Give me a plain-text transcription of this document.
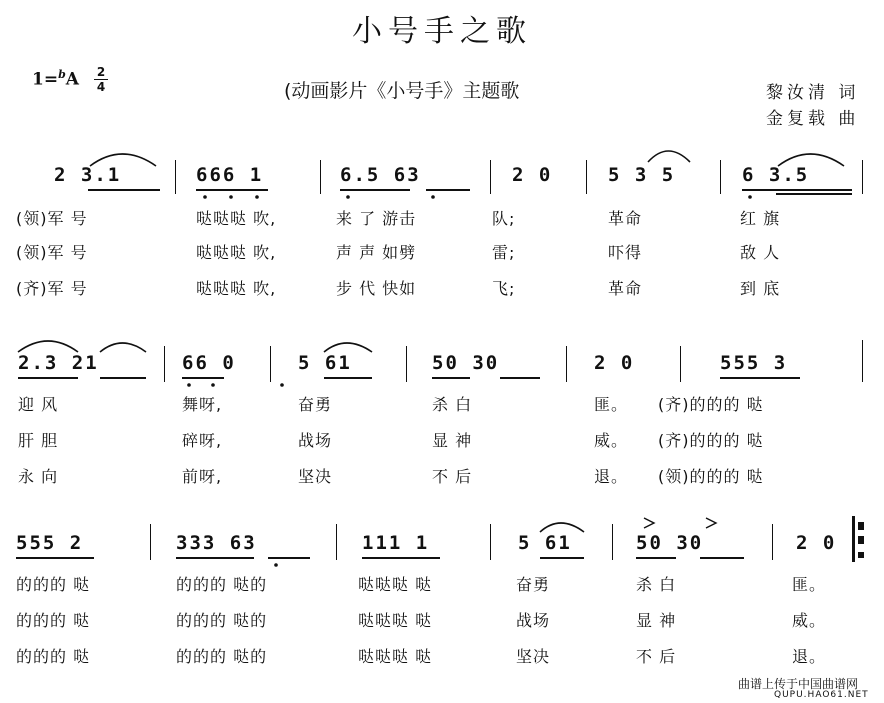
小号手之歌
1=$^b$A 2
4	(动画影片《小号手》主题歌	黎汝清 词
金复载 曲
2 3.1	666 1	6.5 63	2 0	5 3 5	6 3.5
(领)军 号	哒哒哒 吹,	来 了 游击	队;	革命	红 旗
(领)军 号	哒哒哒 吹,	声 声 如劈	雷;	吓得	敌 人
(齐)军 号	哒哒哒 吹,	步 代 快如	飞;	革命	到 底
2.3 21	66 0	5 61	50 30	2 0	555 3
迎 风	舞呀,	奋勇	杀 白	匪。 (齐)的的的 哒
肝 胆	碎呀,	战场	显 神	威。 (齐)的的的 哒
永 向	前呀,	坚决	不 后	退。 (领)的的的 哒
555 2	333 63	111 1	5 61	50 30	2 0
的的的 哒	的的的 哒的	哒哒哒 哒	奋勇	杀 白	匪。
的的的 哒	的的的 哒的	哒哒哒 哒	战场	显 神	威。
的的的 哒	的的的 哒的	哒哒哒 哒	坚决	不 后	退。
曲谱上传于中国曲谱网
QUPU.HAO61.NET
